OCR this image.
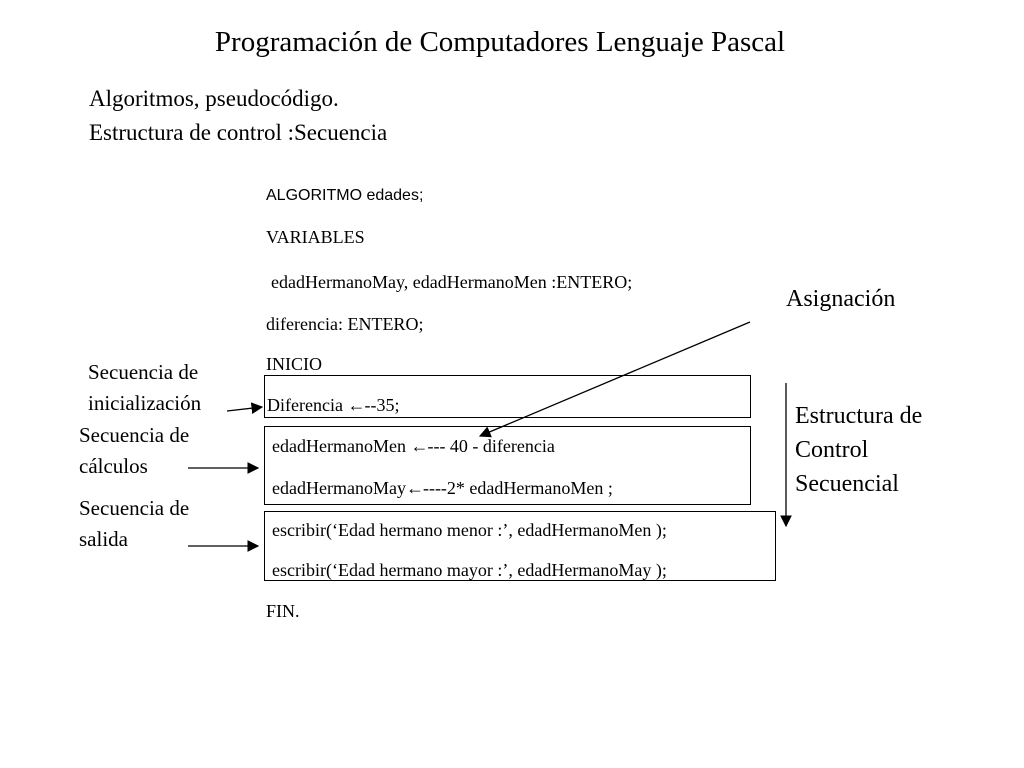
Programación de Computadores Lenguaje Pascal
Algoritmos, pseudocódigo.
Estructura de control :Secuencia
ALGORITMO edades;
VARIABLES
edadHermanoMay, edadHermanoMen :ENTERO;
diferencia: ENTERO;
INICIO
Diferencia ←--35;
edadHermanoMen ←--- 40 - diferencia
edadHermanoMay←----2* edadHermanoMen ;
escribir(‘Edad hermano menor :’, edadHermanoMen );
escribir(‘Edad hermano mayor :’, edadHermanoMay );
FIN.
Secuencia de
inicialización
Secuencia de
cálculos
Secuencia de
salida
Asignación
Estructura de
Control
Secuencial
